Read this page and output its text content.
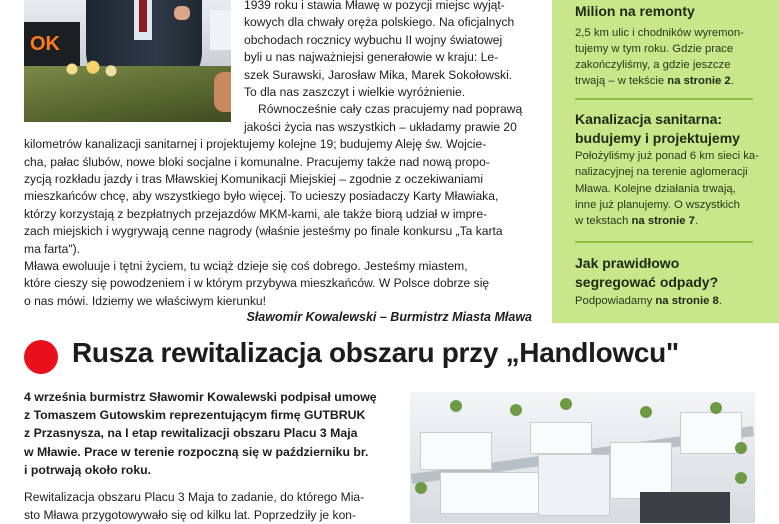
OK
1939 roku i stawia Mławę w pozycji miejsc wyjąt-
kowych dla chwały oręża polskiego. Na oficjalnych
obchodach rocznicy wybuchu II wojny światowej
byli u nas najważniejsi generałowie w kraju: Le-
szek Surawski, Jarosław Mika, Marek Sokołowski.
To dla nas zaszczyt i wielkie wyróżnienie.
Równocześnie cały czas pracujemy nad poprawą
jakości życia nas wszystkich – układamy prawie 20
kilometrów kanalizacji sanitarnej i projektujemy kolejne 19; budujemy Aleję św. Wojcie-
cha, pałac ślubów, nowe bloki socjalne i komunalne. Pracujemy także nad nową propo-
zycją rozkładu jazdy i tras Mławskiej Komunikacji Miejskiej – zgodnie z oczekiwaniami
mieszkańców chcę, aby wszystkiego było więcej. To ucieszy posiadaczy Karty Mławiaka,
którzy korzystają z bezpłatnych przejazdów MKM-kami, ale także biorą udział w impre-
zach miejskich i wygrywają cenne nagrody (właśnie jesteśmy po finale konkursu „Ta karta
ma farta").
Mława ewoluuje i tętni życiem, tu wciąż dzieje się coś dobrego. Jesteśmy miastem,
które cieszy się powodzeniem i w którym przybywa mieszkańców. W Polsce dobrze się
o nas mówi. Idziemy we właściwym kierunku!
Sławomir Kowalewski – Burmistrz Miasta Mława
Milion na remonty
2,5 km ulic i chodników wyremon-
tujemy w tym roku. Gdzie prace
zakończyliśmy, a gdzie jeszcze
trwają – w tekście na stronie 2.
Kanalizacja sanitarna:
budujemy i projektujemy
Położyliśmy już ponad 6 km sieci ka-
nalizacyjnej na terenie aglomeracji
Mława. Kolejne działania trwają,
inne już planujemy. O wszystkich
w tekstach na stronie 7.
Jak prawidłowo
segregować odpady?
Podpowiadamy na stronie 8.
Rusza rewitalizacja obszaru przy „Handlowcu"
4 września burmistrz Sławomir Kowalewski podpisał umowę
z Tomaszem Gutowskim reprezentującym firmę GUTBRUK
z Przasnysza, na I etap rewitalizacji obszaru Placu 3 Maja
w Mławie. Prace w terenie rozpoczną się w październiku br.
i potrwają około roku.
Rewitalizacja obszaru Placu 3 Maja to zadanie, do którego Mia-
sto Mława przygotowywało się od kilku lat. Poprzedziły je kon-
